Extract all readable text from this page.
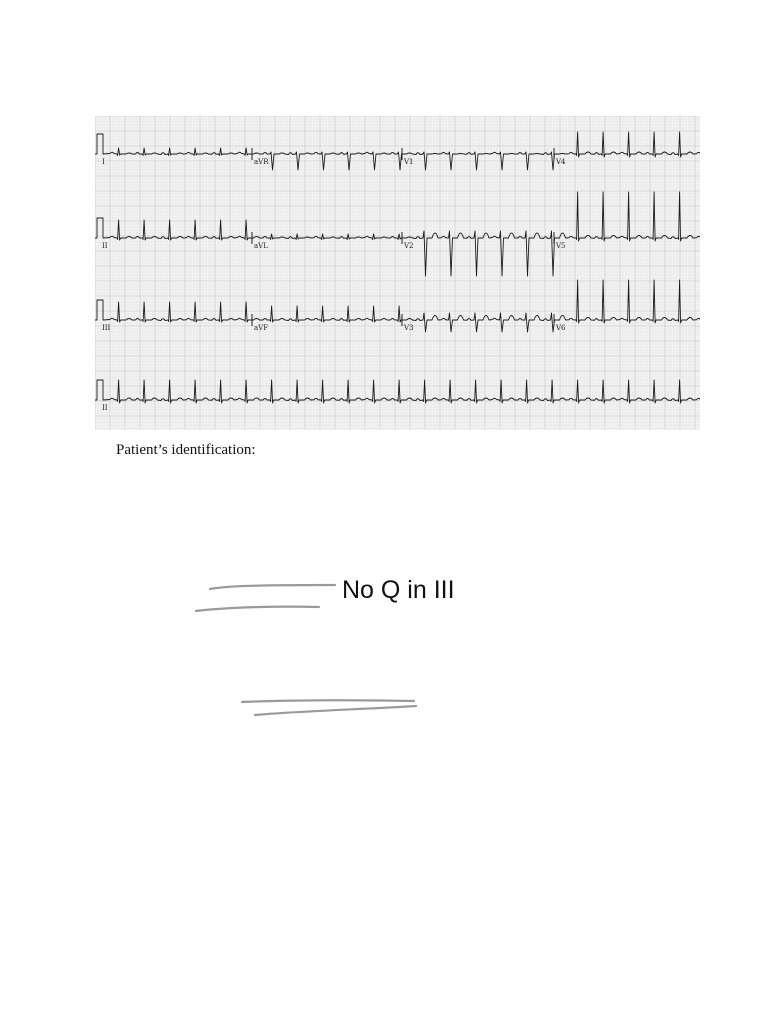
I	aVR	V1	V4
II	aVL	V2	V5
III	aVF	V3	V6
II
Patient’s identification:
No Q in III
